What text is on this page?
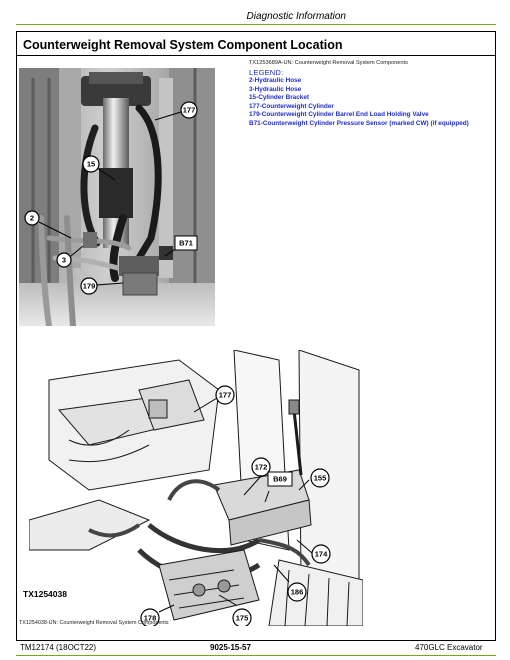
Diagnostic Information
Counterweight Removal System Component Location
177
15
2
3
179
B71
TX1253689A-UN: Counterweight Removal System Components
LEGEND:
2-Hydraulic Hose
3-Hydraulic Hose
15-Cylinder Bracket
177-Counterweight Cylinder
179-Counterweight Cylinder Barrel End Load Holding Valve
B71-Counterweight Cylinder Pressure Sensor (marked CW) (if equipped)
177
172
B69	155
174
186
175
178
TX1254038
TX1254038-UN: Counterweight Removal System Components
TM12174 (18OCT22)	9025-15-57	470GLC Excavator
